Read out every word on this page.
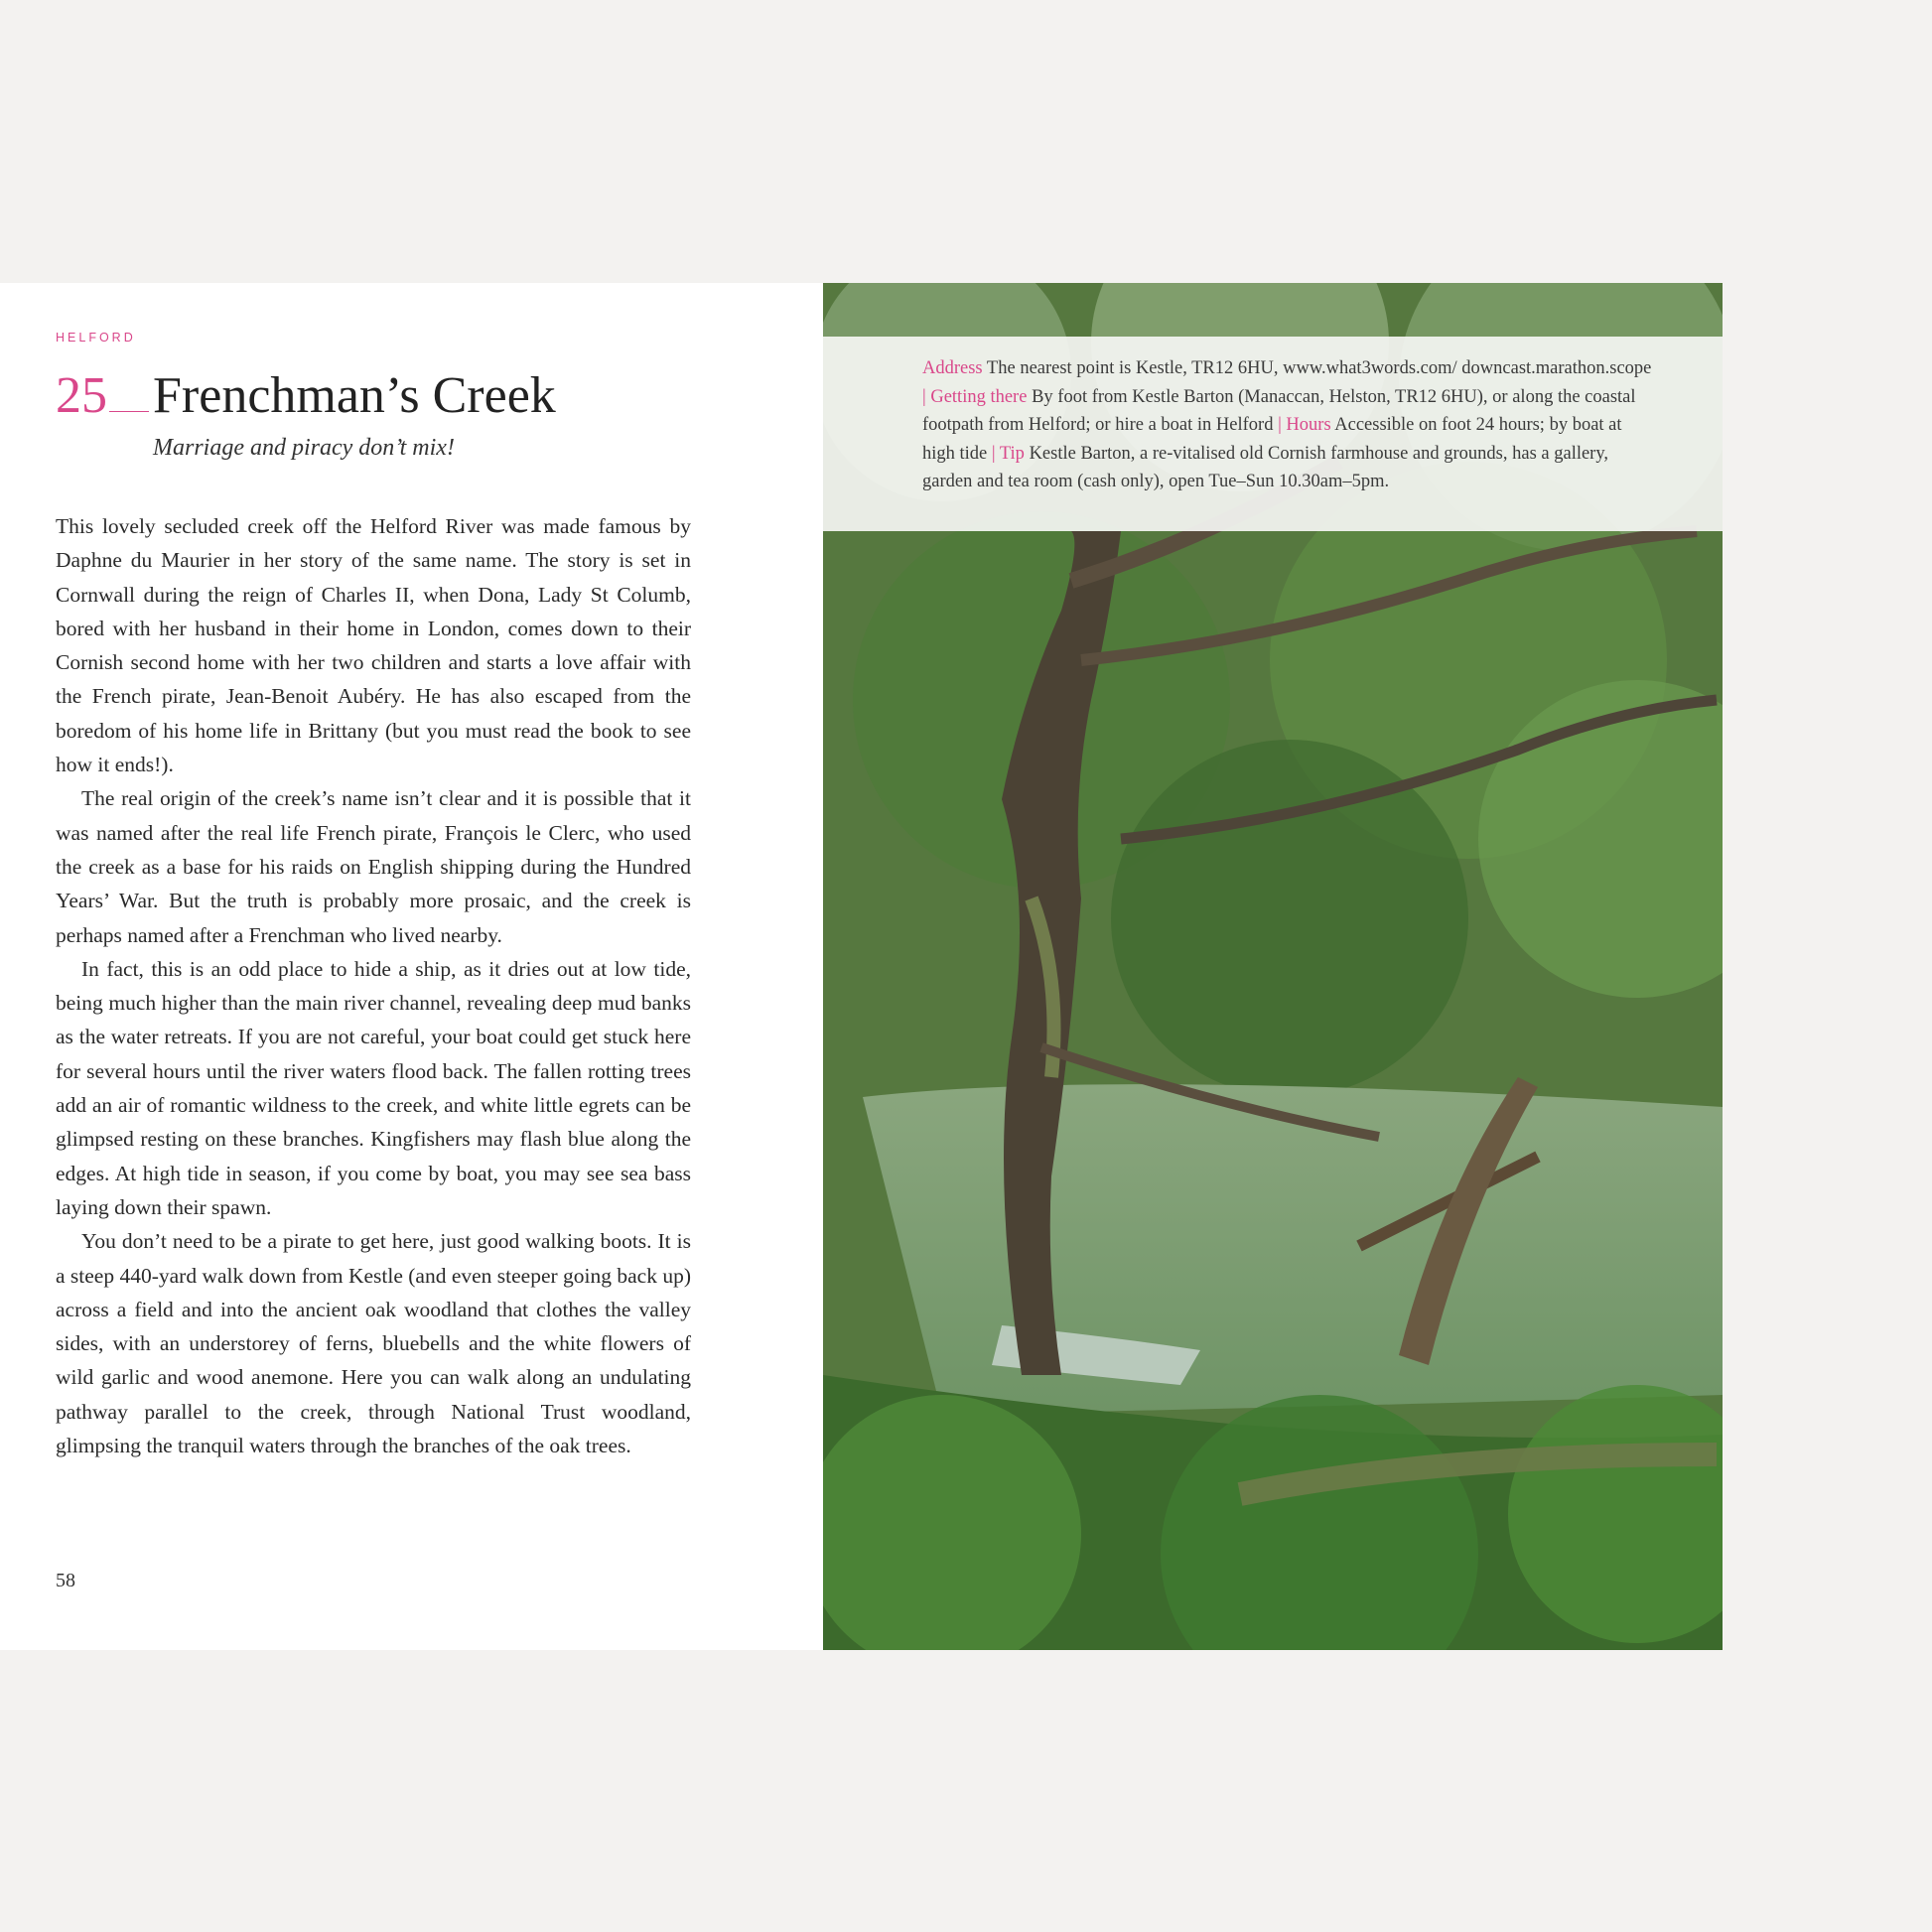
HELFORD
25 Frenchman’s Creek
Marriage and piracy don’t mix!

This lovely secluded creek off the Helford River was made famous by Daphne du Maurier in her story of the same name. The story is set in Cornwall during the reign of Charles II, when Dona, Lady St Columb, bored with her husband in their home in London, comes down to their Cornish second home with her two children and starts a love affair with the French pirate, Jean-Benoit Aubéry. He has also escaped from the boredom of his home life in Brittany (but you must read the book to see how it ends!).

The real origin of the creek’s name isn’t clear and it is possible that it was named after the real life French pirate, François le Clerc, who used the creek as a base for his raids on English shipping during the Hundred Years’ War. But the truth is probably more prosaic, and the creek is perhaps named after a Frenchman who lived nearby.

In fact, this is an odd place to hide a ship, as it dries out at low tide, being much higher than the main river channel, revealing deep mud banks as the water retreats. If you are not careful, your boat could get stuck here for several hours until the river waters flood back. The fallen rotting trees add an air of romantic wildness to the creek, and white little egrets can be glimpsed resting on these branches. Kingfishers may flash blue along the edges. At high tide in season, if you come by boat, you may see sea bass laying down their spawn.

You don’t need to be a pirate to get here, just good walking boots. It is a steep 440-yard walk down from Kestle (and even steeper going back up) across a field and into the ancient oak woodland that clothes the valley sides, with an understorey of ferns, bluebells and the white flowers of wild garlic and wood anemone. Here you can walk along an undulating pathway parallel to the creek, through National Trust woodland, glimpsing the tranquil waters through the branches of the oak trees.

58
Address The nearest point is Kestle, TR12 6HU, www.what3words.com/ downcast.marathon.scope | Getting there By foot from Kestle Barton (Manaccan, Helston, TR12 6HU), or along the coastal footpath from Helford; or hire a boat in Helford | Hours Accessible on foot 24 hours; by boat at high tide | Tip Kestle Barton, a re-vitalised old Cornish farmhouse and grounds, has a gallery, garden and tea room (cash only), open Tue–Sun 10.30am–5pm.
